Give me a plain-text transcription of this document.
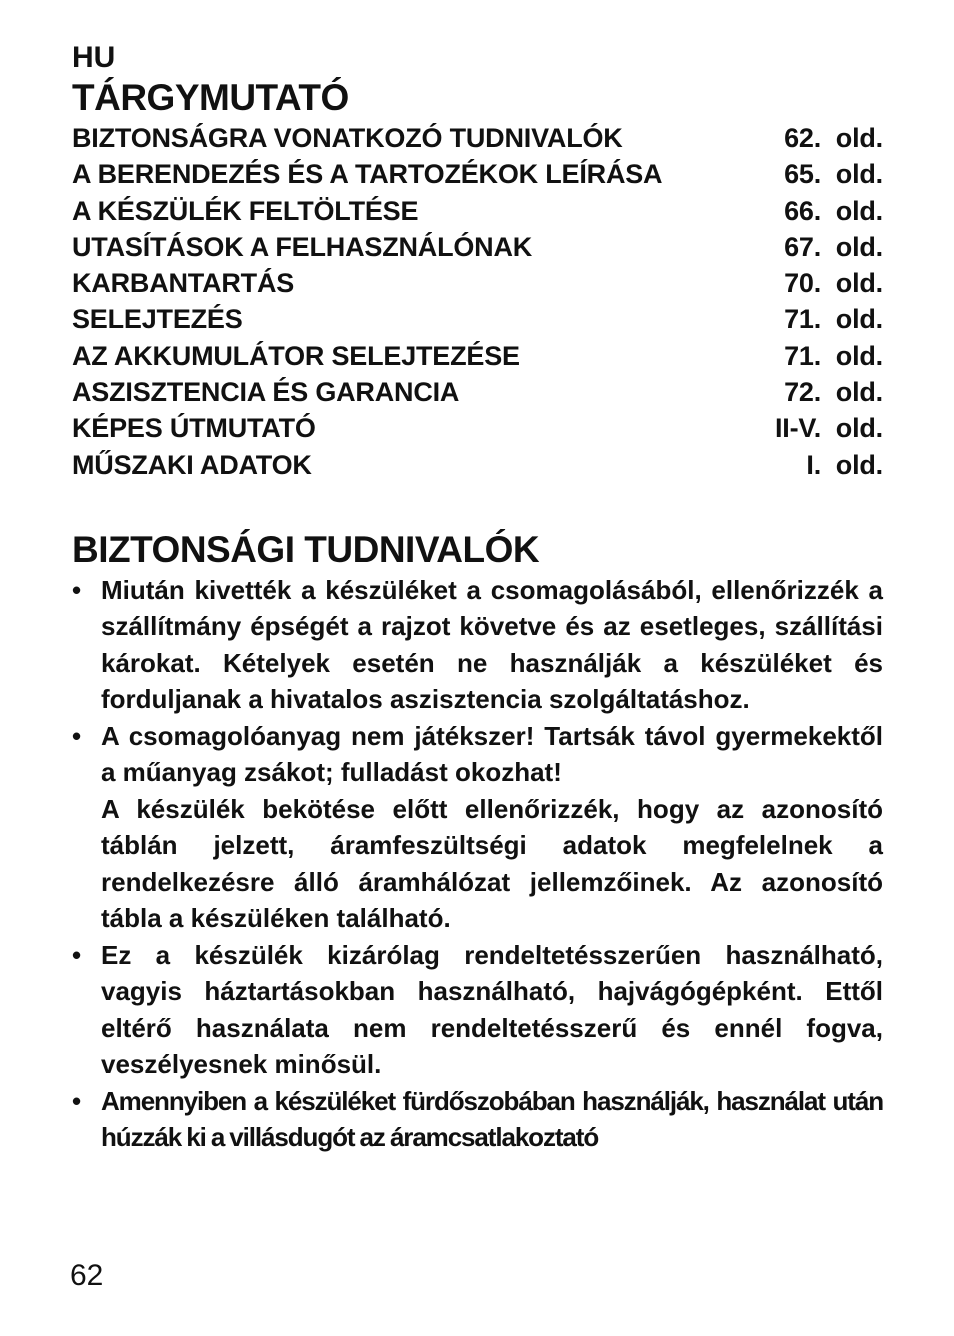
HU
TÁRGYMUTATÓ
BIZTONSÁGRA VONATKOZÓ TUDNIVALÓK	62. old.
A BERENDEZÉS ÉS A TARTOZÉKOK LEÍRÁSA	65. old.
A KÉSZÜLÉK FELTÖLTÉSE	66. old.
UTASÍTÁSOK A FELHASZNÁLÓNAK	67. old.
KARBANTARTÁS	70. old.
SELEJTEZÉS	71. old.
AZ AKKUMULÁTOR SELEJTEZÉSE	71. old.
ASZISZTENCIA ÉS GARANCIA	72. old.
KÉPES ÚTMUTATÓ	II-V. old.
MŰSZAKI ADATOK	I. old.
BIZTONSÁGI TUDNIVALÓK
• Miután kivették a készüléket a csomagolásából, ellenőrizzék a szállítmány épségét a rajzot követve és az esetleges, szállítási károkat. Kételyek esetén ne használják a készüléket és forduljanak a hivatalos aszisztencia szolgáltatáshoz.

• A csomagolóanyag nem játékszer! Tartsák távol gyermekektől a műanyag zsákot; fulladást okozhat!

A készülék bekötése előtt ellenőrizzék, hogy az azonosító táblán jelzett, áramfeszültségi adatok megfelelnek a rendelkezésre álló áramhálózat jellemzőinek. Az azonosító tábla a készüléken található.

• Ez a készülék kizárólag rendeltetésszerűen használható, vagyis háztartásokban használható, hajvágógépként. Ettől eltérő használata nem rendeltetésszerű és ennél fogva, veszélyesnek minősül.

• Amennyiben a készüléket fürdőszobában használják, használat után húzzák ki a villásdugót az áramcsatlakoztató

62
